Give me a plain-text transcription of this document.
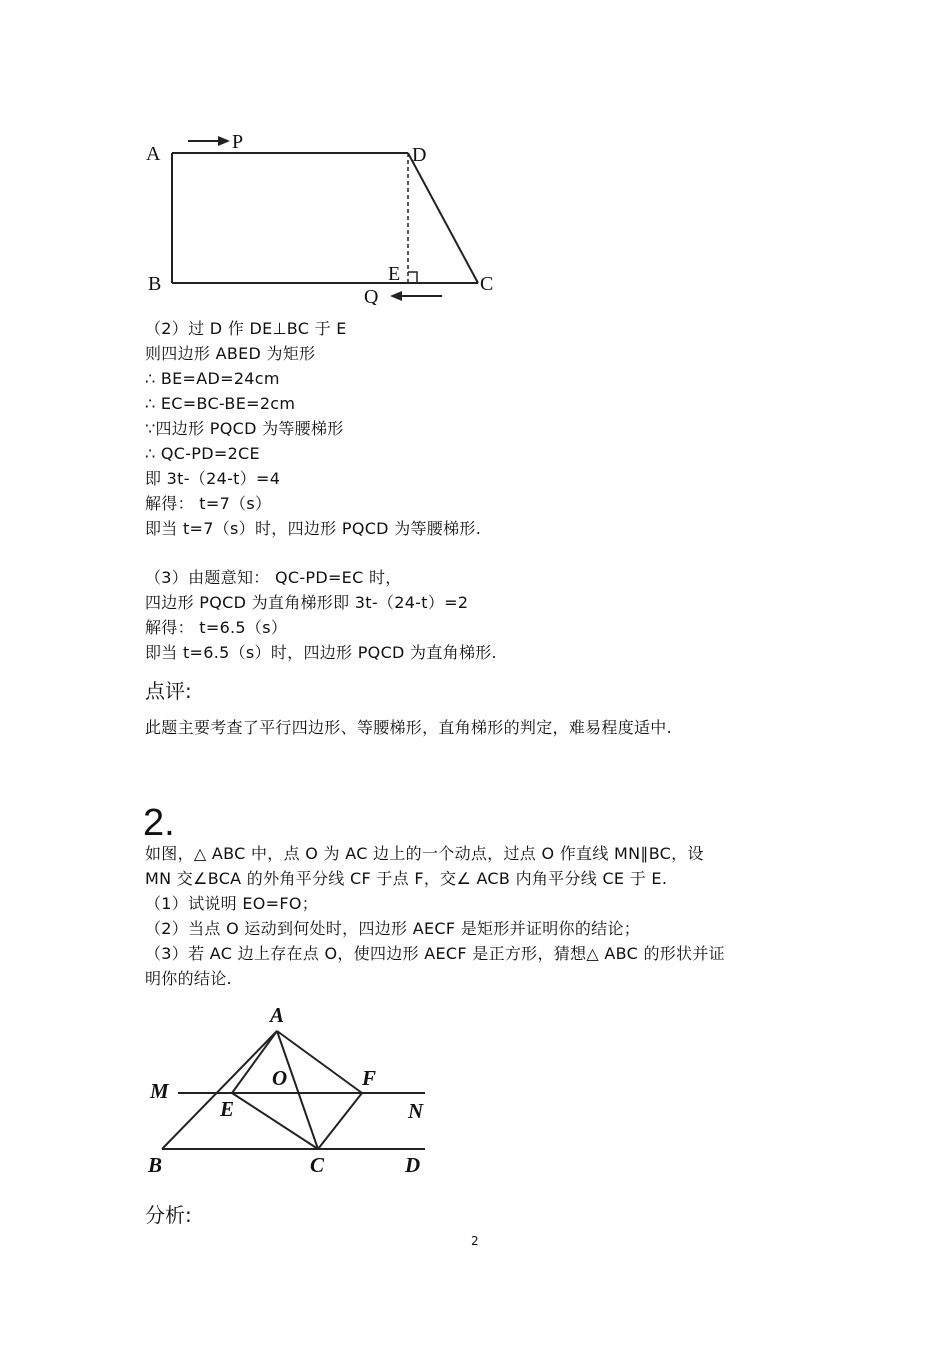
A
P
D
B	E	C
Q
（2）过 D 作 DE⊥BC 于 E
则四边形 ABED 为矩形
∴ BE=AD=24cm
∴ EC=BC-BE=2cm
∵四边形 PQCD 为等腰梯形
∴ QC-PD=2CE
即 3t-（24-t）=4
解得： t=7（s）
即当 t=7（s）时，四边形 PQCD 为等腰梯形.
（3）由题意知： QC-PD=EC 时，
四边形 PQCD 为直角梯形即 3t-（24-t）=2
解得： t=6.5（s）
即当 t=6.5（s）时，四边形 PQCD 为直角梯形.
点评:
此题主要考查了平行四边形、等腰梯形，直角梯形的判定，难易程度适中.
2.
如图，△ ABC 中，点 O 为 AC 边上的一个动点，过点 O 作直线 MN∥BC，设
MN 交∠BCA 的外角平分线 CF 于点 F，交∠ ACB 内角平分线 CE 于 E.
（1）试说明 EO=FO；
（2）当点 O 运动到何处时，四边形 AECF 是矩形并证明你的结论；
（3）若 AC 边上存在点 O，使四边形 AECF 是正方形，猜想△ ABC 的形状并证
明你的结论.
A
M
O	F
E	N
B	C	D
分析:
2
